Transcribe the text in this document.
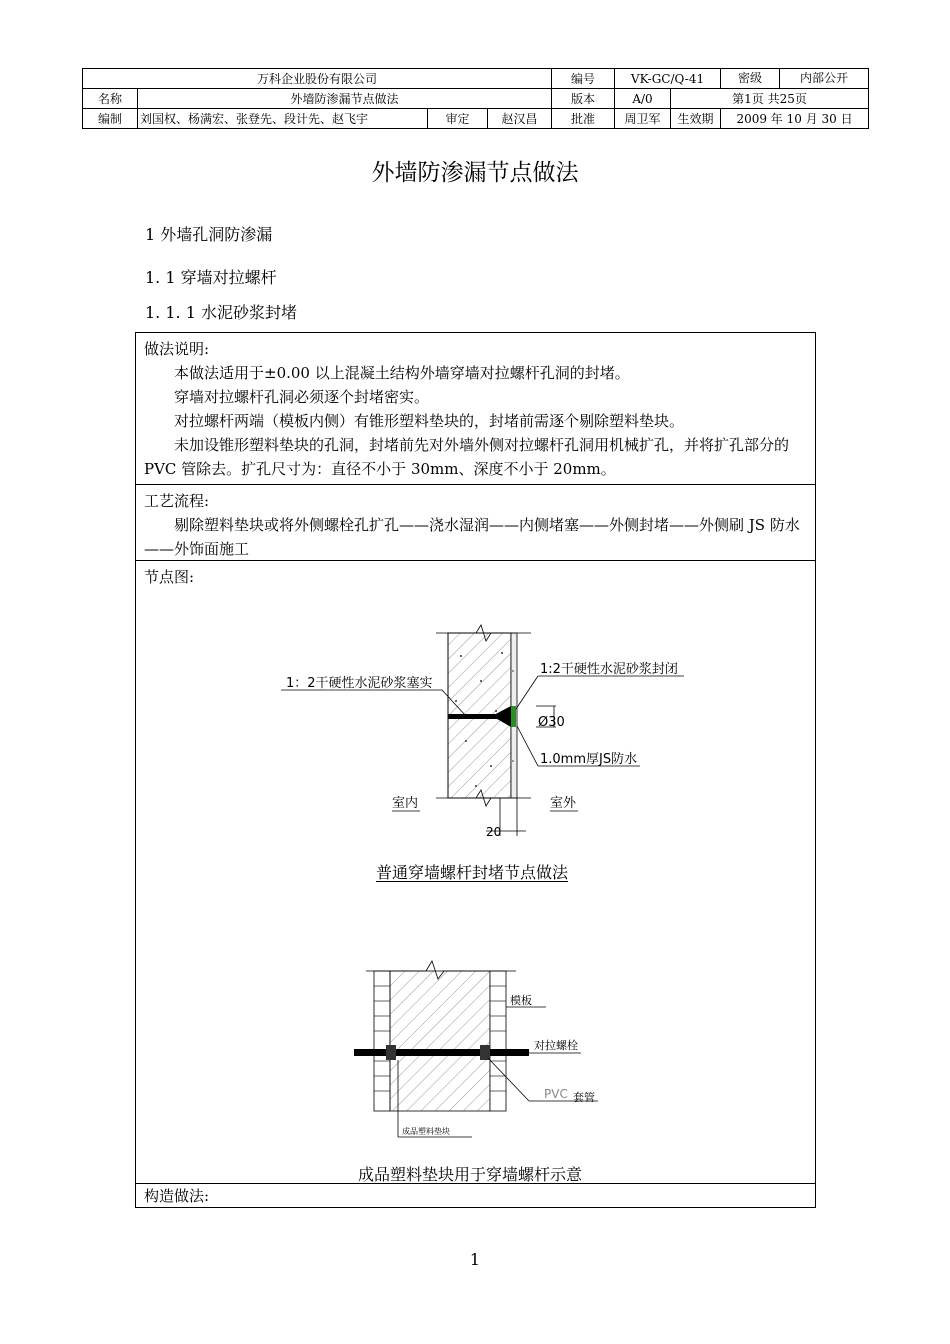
万科企业股份有限公司				编号	VK-GC/Q-41		密级 内部公开

名称	外墙防渗漏节点做法			版本	A/0	第1页 共25页	
编制	刘国权、杨满宏、张登先、段计先、赵飞宇	审定	赵汉昌	批准	周卫军	生效期	2009 年 10 月 30 日
外墙防渗漏节点做法
1 外墙孔洞防渗漏
1. 1 穿墙对拉螺杆
1. 1. 1 水泥砂浆封堵

做法说明:

本做法适用于±0.00 以上混凝土结构外墙穿墙对拉螺杆孔洞的封堵。

穿墙对拉螺杆孔洞必须逐个封堵密实。

对拉螺杆两端（模板内侧）有锥形塑料垫块的，封堵前需逐个剔除塑料垫块。

未加设锥形塑料垫块的孔洞，封堵前先对外墙外侧对拉螺杆孔洞用机械扩孔，并将扩孔部分的 PVC 管除去。扩孔尺寸为：直径不小于 30mm、深度不小于 20mm。

工艺流程:

剔除塑料垫块或将外侧螺栓孔扩孔——浇水湿润——内侧堵塞——外侧封堵——外侧刷 JS 防水——外饰面施工

节点图:

Ø30
1：2干硬性水泥砂浆塞实
1:2干硬性水泥砂浆封闭
1.0mm厚JS防水
室内	室外
20
模板
对拉螺栓
PVC 套管
成品塑料垫块
普通穿墙螺杆封堵节点做法
成品塑料垫块用于穿墙螺杆示意

构造做法:

1
